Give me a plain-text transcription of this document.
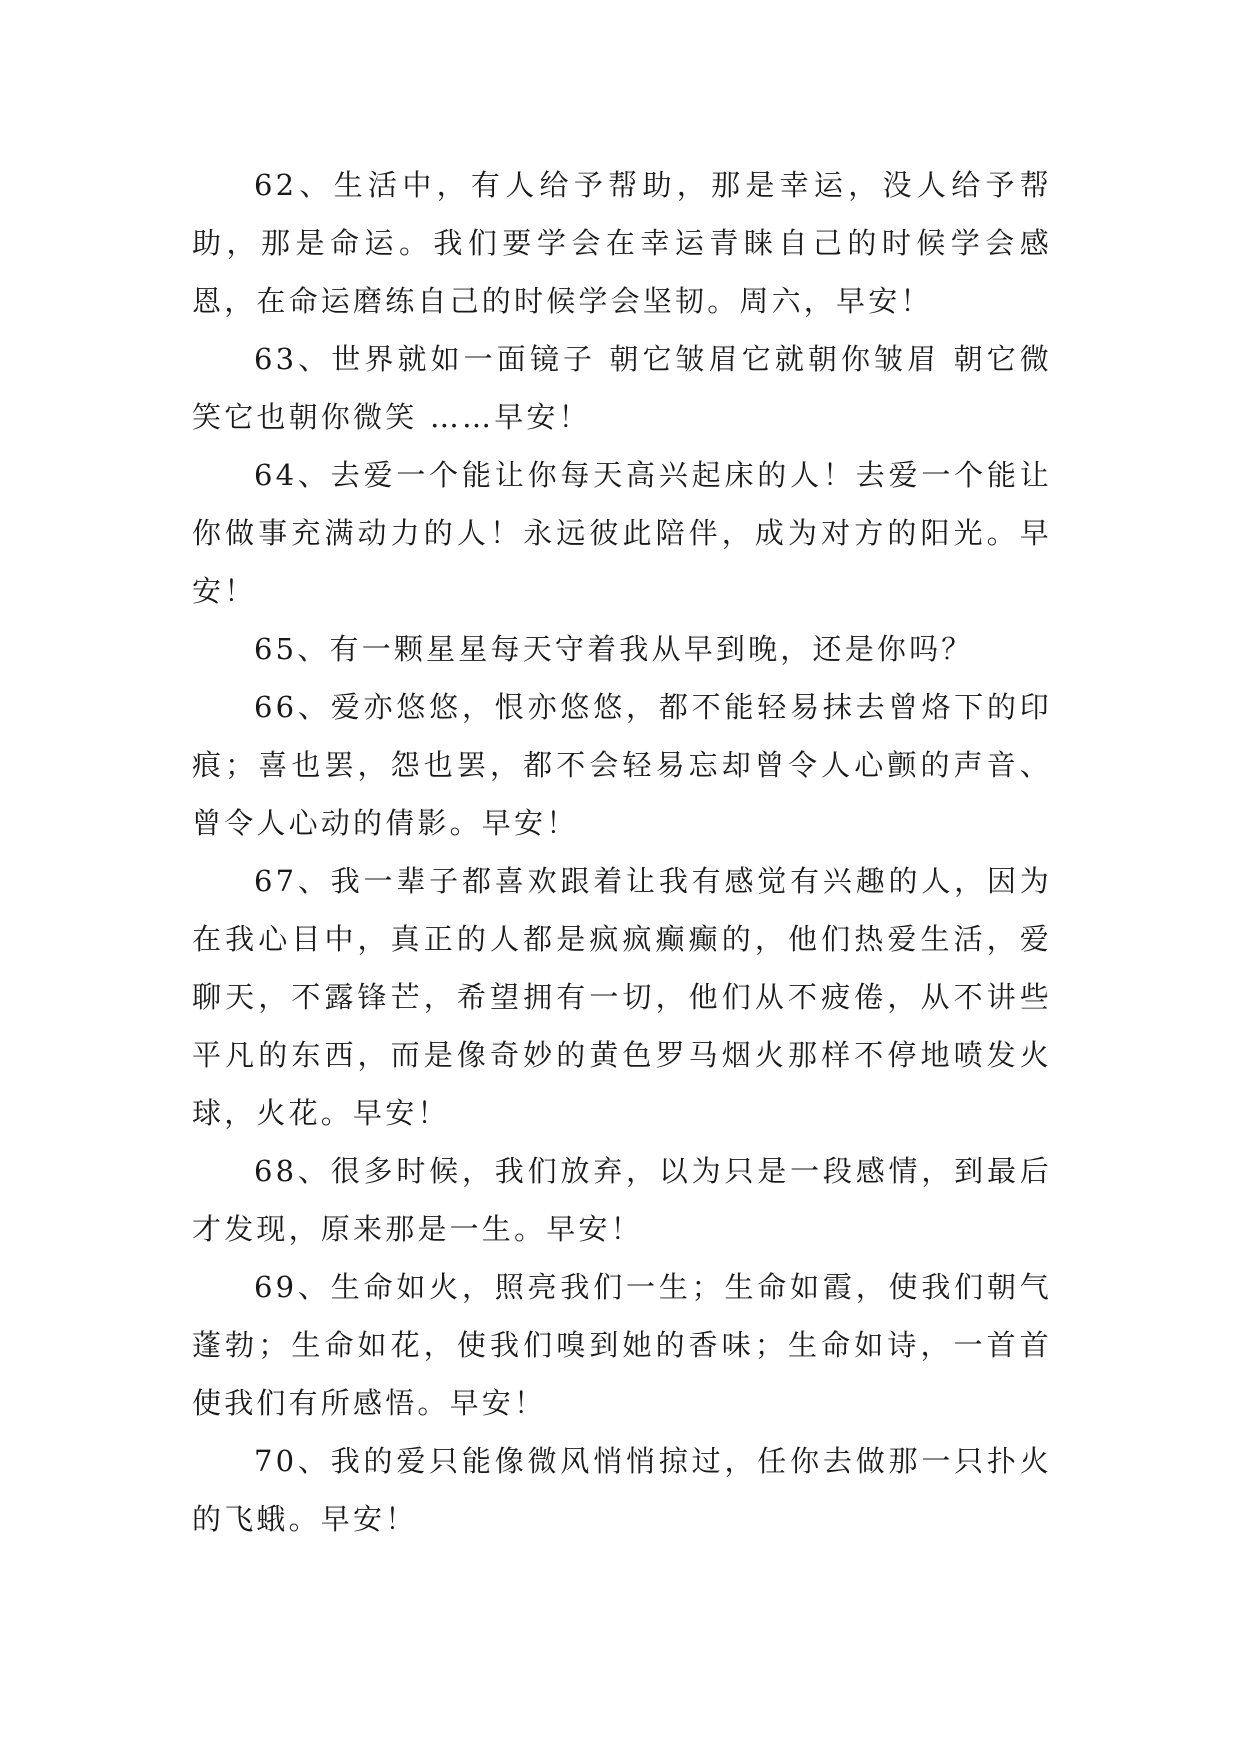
62、生活中，有人给予帮助，那是幸运，没人给予帮助，那是命运。我们要学会在幸运青睐自己的时候学会感恩，在命运磨练自己的时候学会坚韧。周六，早安！

63、世界就如一面镜子 朝它皱眉它就朝你皱眉 朝它微笑它也朝你微笑 ……早安！

64、去爱一个能让你每天高兴起床的人！去爱一个能让你做事充满动力的人！永远彼此陪伴，成为对方的阳光。早安！

65、有一颗星星每天守着我从早到晚，还是你吗？

66、爱亦悠悠，恨亦悠悠，都不能轻易抹去曾烙下的印痕；喜也罢，怨也罢，都不会轻易忘却曾令人心颤的声音、曾令人心动的倩影。早安！

67、我一辈子都喜欢跟着让我有感觉有兴趣的人，因为在我心目中，真正的人都是疯疯癫癫的，他们热爱生活，爱聊天，不露锋芒，希望拥有一切，他们从不疲倦，从不讲些平凡的东西，而是像奇妙的黄色罗马烟火那样不停地喷发火球，火花。早安！

68、很多时候，我们放弃，以为只是一段感情，到最后才发现，原来那是一生。早安！

69、生命如火，照亮我们一生；生命如霞，使我们朝气蓬勃；生命如花，使我们嗅到她的香味；生命如诗，一首首使我们有所感悟。早安！

70、我的爱只能像微风悄悄掠过，任你去做那一只扑火的飞蛾。早安！
